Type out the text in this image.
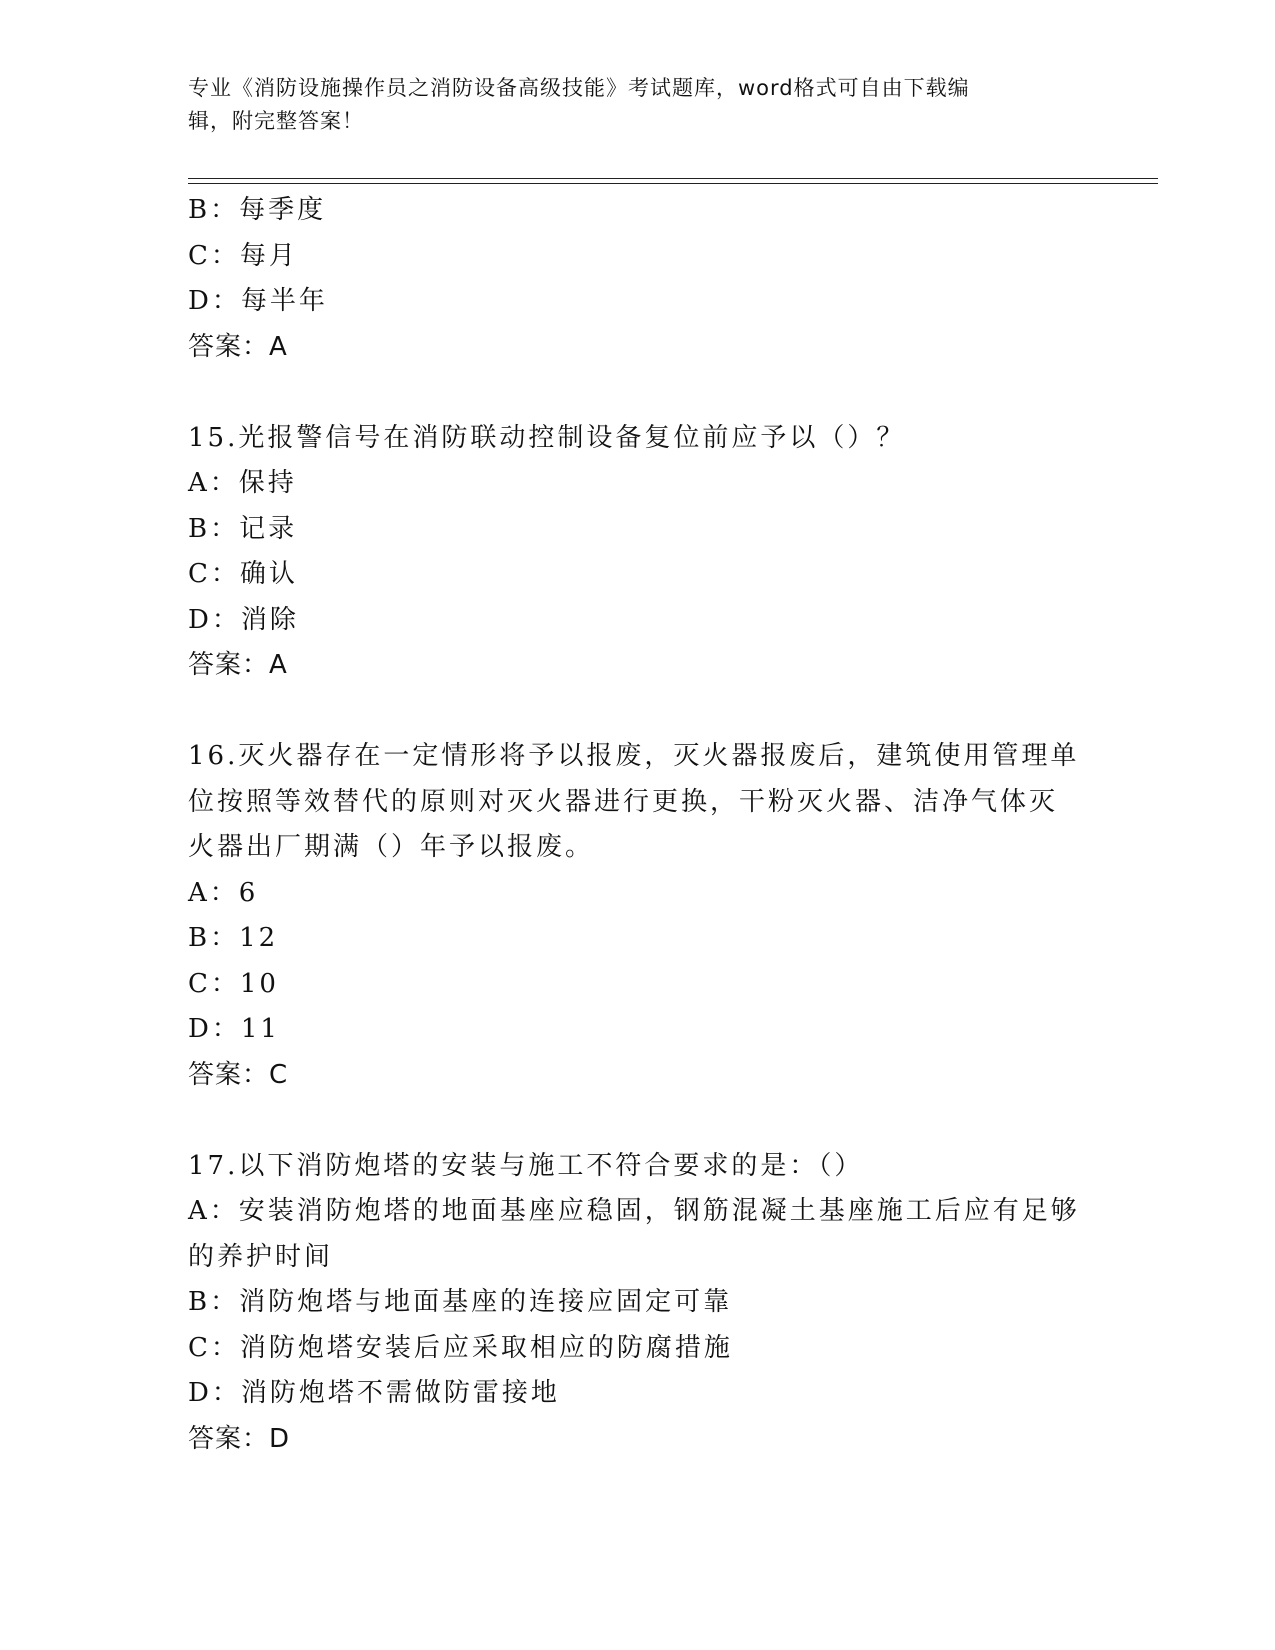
专业《消防设施操作员之消防设备高级技能》考试题库，word格式可自由下载编
辑，附完整答案！
B：每季度
C：每月
D：每半年
答案：A
15.光报警信号在消防联动控制设备复位前应予以（）？
A：保持
B：记录
C：确认
D：消除
答案：A
16.灭火器存在一定情形将予以报废，灭火器报废后，建筑使用管理单
位按照等效替代的原则对灭火器进行更换，干粉灭火器、洁净气体灭
火器出厂期满（）年予以报废。
A：6
B：12
C：10
D：11
答案：C
17.以下消防炮塔的安装与施工不符合要求的是：（）
A：安装消防炮塔的地面基座应稳固，钢筋混凝土基座施工后应有足够
的养护时间
B：消防炮塔与地面基座的连接应固定可靠
C：消防炮塔安装后应采取相应的防腐措施
D：消防炮塔不需做防雷接地
答案：D
